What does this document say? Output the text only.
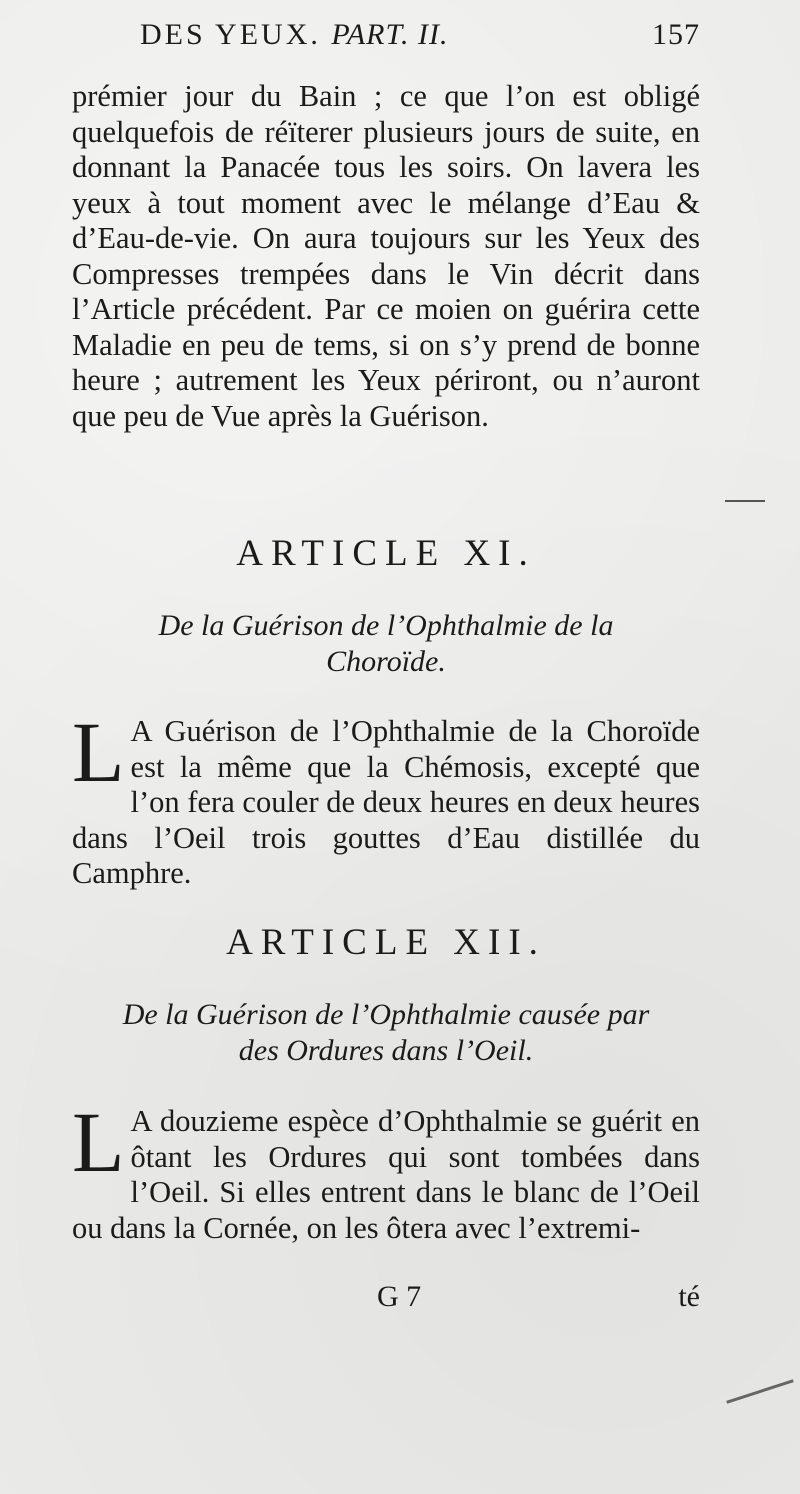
DES YEUX. PART. II.	157
prémier jour du Bain ; ce que l’on est obligé quelquefois de réïterer plusieurs jours de suite, en donnant la Panacée tous les soirs. On lavera les yeux à tout moment avec le mélange d’Eau & d’Eau-de-vie. On aura toujours sur les Yeux des Compresses trempées dans le Vin décrit dans l’Article précédent. Par ce moien on guérira cette Maladie en peu de tems, si on s’y prend de bonne heure ; autrement les Yeux périront, ou n’auront que peu de Vue après la Guérison.
ARTICLE XI.
De la Guérison de l’Ophthalmie de la
Choroïde.
L A Guérison de l’Ophthalmie de la Choroïde est la même que la Chémosis, excepté que l’on fera couler de deux heures en deux heures dans l’Oeil trois gouttes d’Eau distillée du Camphre.
ARTICLE XII.
De la Guérison de l’Ophthalmie causée par
des Ordures dans l’Oeil.
L A douzieme espèce d’Ophthalmie se guérit en ôtant les Ordures qui sont tombées dans l’Oeil. Si elles entrent dans le blanc de l’Oeil ou dans la Cornée, on les ôtera avec l’extremi-
G 7	té
